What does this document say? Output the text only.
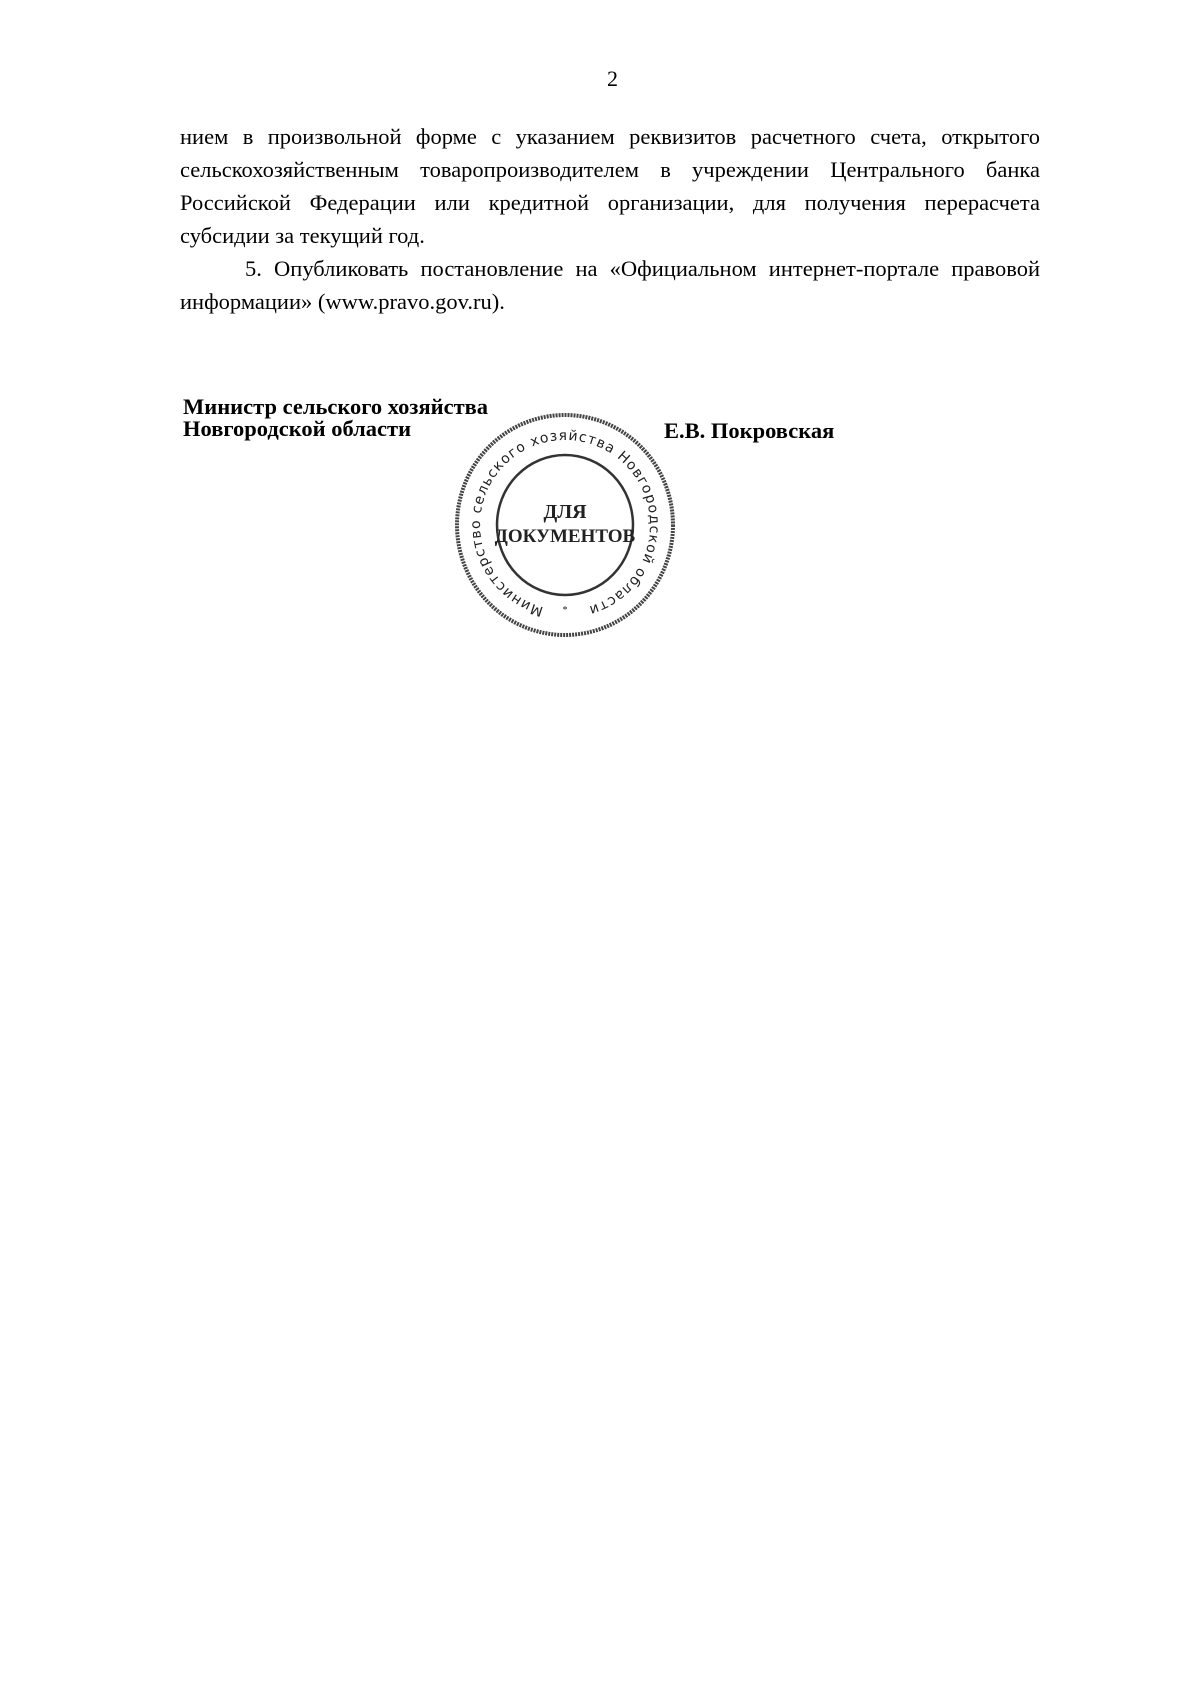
2

нием в произвольной форме с указанием реквизитов расчетного счета, открытого сельскохозяйственным товаропроизводителем в учреждении Центрального банка Российской Федерации или кредитной организации, для получения перерасчета субсидии за текущий год.

5. Опубликовать постановление на «Официальном интернет-портале правовой информации» (www.pravo.gov.ru).

Министр сельского хозяйства
Новгородской области	Е.В. Покровская
Министерство сельского хозяйства Новгородской области
ДЛЯ
ДОКУМЕНТОВ
*
